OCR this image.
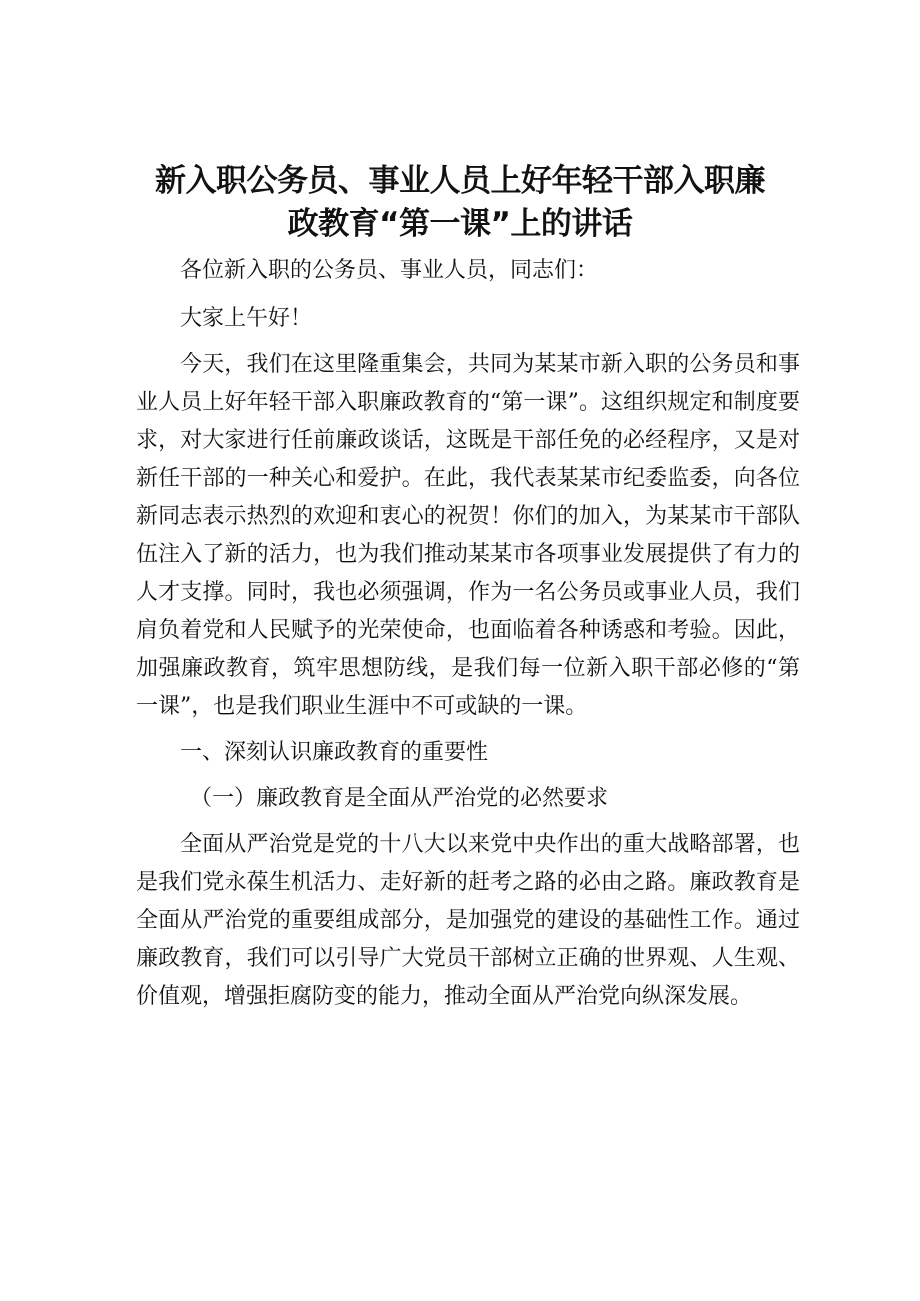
新入职公务员、事业人员上好年轻干部入职廉
政教育“第一课”上的讲话

各位新入职的公务员、事业人员，同志们：

大家上午好！

今天，我们在这里隆重集会，共同为某某市新入职的公务员和事业人员上好年轻干部入职廉政教育的“第一课”。这组织规定和制度要求，对大家进行任前廉政谈话，这既是干部任免的必经程序，又是对新任干部的一种关心和爱护。在此，我代表某某市纪委监委，向各位新同志表示热烈的欢迎和衷心的祝贺！你们的加入，为某某市干部队伍注入了新的活力，也为我们推动某某市各项事业发展提供了有力的人才支撑。同时，我也必须强调，作为一名公务员或事业人员，我们肩负着党和人民赋予的光荣使命，也面临着各种诱惑和考验。因此，加强廉政教育，筑牢思想防线，是我们每一位新入职干部必修的“第一课”，也是我们职业生涯中不可或缺的一课。

一、深刻认识廉政教育的重要性

（一）廉政教育是全面从严治党的必然要求

全面从严治党是党的十八大以来党中央作出的重大战略部署，也是我们党永葆生机活力、走好新的赶考之路的必由之路。廉政教育是全面从严治党的重要组成部分，是加强党的建设的基础性工作。通过廉政教育，我们可以引导广大党员干部树立正确的世界观、人生观、价值观，增强拒腐防变的能力，推动全面从严治党向纵深发展。
